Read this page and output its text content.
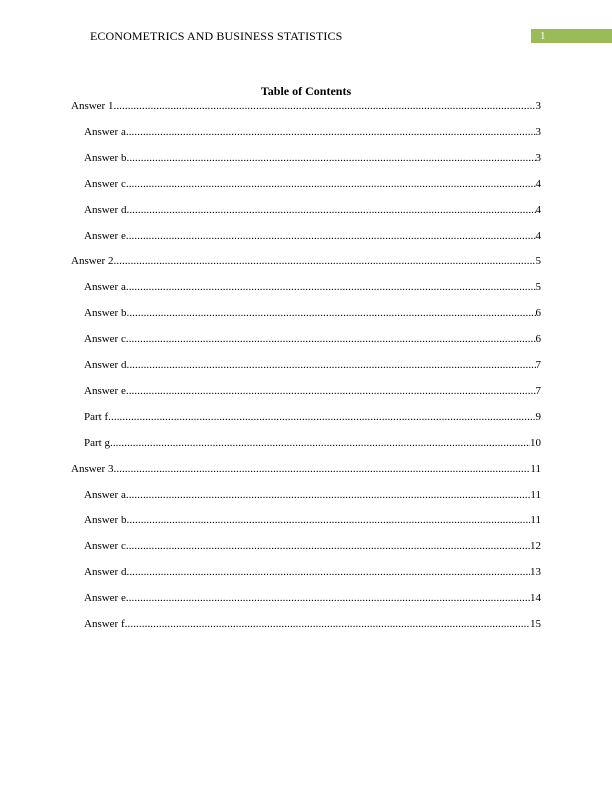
ECONOMETRICS AND BUSINESS STATISTICS	1
Table of Contents
Answer 1 .....	3
Answer a .....	3
Answer b .....	3
Answer c .....	4
Answer d .....	4
Answer e .....	4
Answer 2 .....	5
Answer a .....	5
Answer b .....	6
Answer c .....	6
Answer d .....	7
Answer e .....	7
Part f .....	9
Part g .....	10
Answer 3 .....	11
Answer a .....	11
Answer b .....	11
Answer c .....	12
Answer d .....	13
Answer e .....	14
Answer f .....	15
